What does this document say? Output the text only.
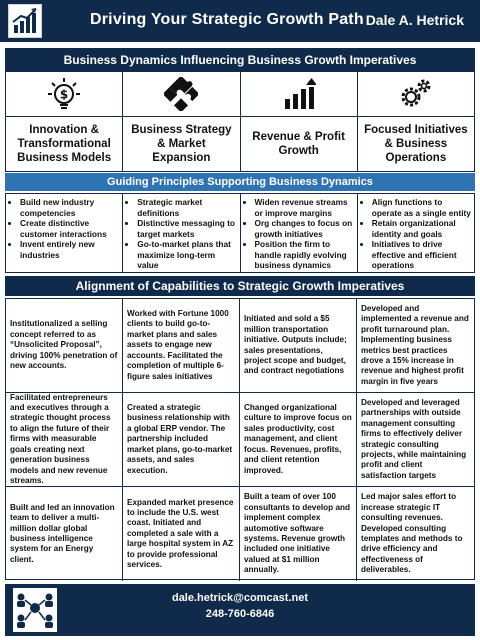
Driving Your Strategic Growth Path Dale A. Hetrick
Business Dynamics Influencing Business Growth Imperatives
$
Innovation & Transformational Business Models
Business Strategy & Market Expansion
Revenue & Profit Growth
Focused Initiatives & Business Operations
Guiding Principles Supporting Business Dynamics
• Build new industry competencies
• Create distinctive customer interactions
• Invent entirely new industries
• Strategic market definitions
• Distinctive messaging to target markets
• Go-to-market plans that maximize long-term value
• Widen revenue streams or improve margins
• Org changes to focus on growth initiatives
• Position the firm to handle rapidly evolving business dynamics
• Align functions to operate as a single entity
• Retain organizational identity and goals
• Initiatives to drive effective and efficient operations
Alignment of Capabilities to Strategic Growth Imperatives
Institutionalized a selling concept referred to as “Unsolicited Proposal”, driving 100% penetration of new accounts.
Worked with Fortune 1000 clients to build go-to-market plans and sales assets to engage new accounts. Facilitated the completion of multiple 6-figure sales initiatives
Initiated and sold a $5 million transportation initiative. Outputs include; sales presentations, project scope and budget, and contract negotiations
Developed and implemented a revenue and profit turnaround plan. Implementing business metrics best practices drove a 15% increase in revenue and highest profit margin in five years
Facilitated entrepreneurs and executives through a strategic thought process to align the future of their firms with measurable goals creating next generation business models and new revenue streams.
Created a strategic business relationship with a global ERP vendor. The partnership included market plans, go-to-market assets, and sales execution.
Changed organizational culture to improve focus on sales productivity, cost management, and client focus. Revenues, profits, and client retention improved.
Developed and leveraged partnerships with outside management consulting firms to effectively deliver strategic consulting projects, while maintaining profit and client satisfaction targets
Built and led an innovation team to deliver a multi-million dollar global business intelligence system for an Energy client.
Expanded market presence to include the U.S. west coast. Initiated and completed a sale with a large hospital system in AZ to provide professional services.
Built a team of over 100 consultants to develop and implement complex automotive software systems. Revenue growth included one initiative valued at $1 million annually.
Led major sales effort to increase strategic IT consulting revenues. Developed consulting templates and methods to drive efficiency and effectiveness of deliverables.
dale.hetrick@comcast.net
248-760-6846
